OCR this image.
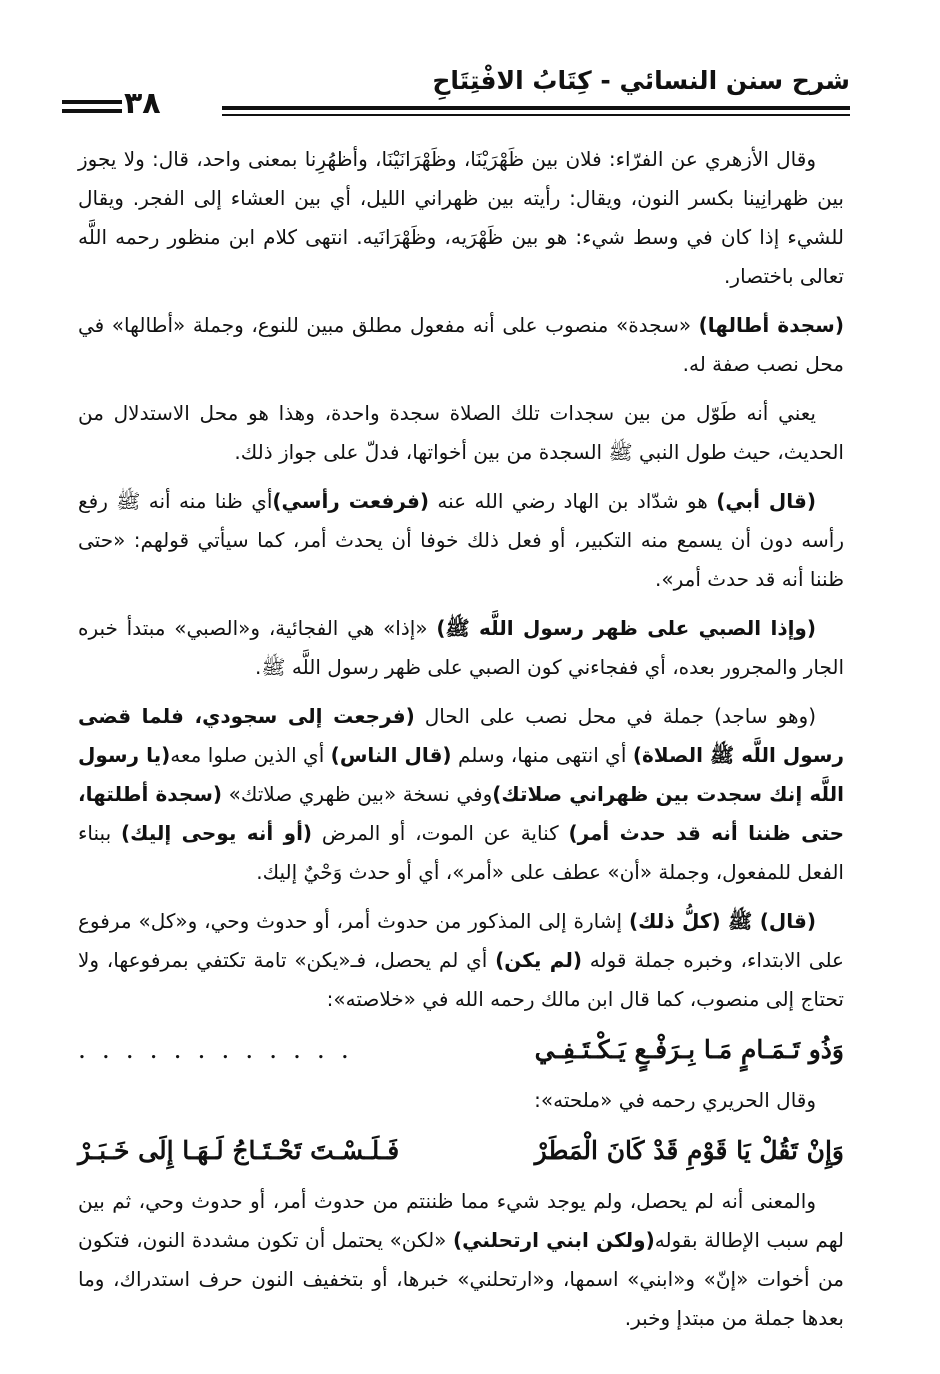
شرح سنن النسائي - كِتَابُ الافْتِتَاحِ
٣٨

وقال الأزهري عن الفرّاء: فلان بين ظَهْرَيْنَا، وظَهْرَانَيْنَا، وأظهُرِنا بمعنى واحد، قال: ولا يجوز بين ظهرانِينا بكسر النون، ويقال: رأيته بين ظهراني الليل، أي بين العشاء إلى الفجر. ويقال للشيء إذا كان في وسط شيء: هو بين ظَهْرَيه، وظَهْرَانَيه. انتهى كلام ابن منظور رحمه اللَّه تعالى باختصار.

(سجدة أطالها) «سجدة» منصوب على أنه مفعول مطلق مبين للنوع، وجملة «أطالها» في محل نصب صفة له.

يعني أنه طَوّل من بين سجدات تلك الصلاة سجدة واحدة، وهذا هو محل الاستدلال من الحديث، حيث طول النبي ﷺ السجدة من بين أخواتها، فدلّ على جواز ذلك.

(قال أبي) هو شدّاد بن الهاد رضي الله عنه (فرفعت رأسي)أي ظنا منه أنه ﷺ رفع رأسه دون أن يسمع منه التكبير، أو فعل ذلك خوفا أن يحدث أمر، كما سيأتي قولهم: «حتى ظننا أنه قد حدث أمر».

(وإذا الصبي على ظهر رسول اللَّه ﷺ) «إذا» هي الفجائية، و«الصبي» مبتدأ خبره الجار والمجرور بعده، أي ففجاءني كون الصبي على ظهر رسول اللَّه ﷺ.

(وهو ساجد) جملة في محل نصب على الحال (فرجعت إلى سجودي، فلما قضى رسول اللَّه ﷺ الصلاة) أي انتهى منها، وسلم (قال الناس) أي الذين صلوا معه(يا رسول اللَّه إنك سجدت بين ظهراني صلاتك)وفي نسخة «بين ظهري صلاتك» (سجدة أطلتها، حتى ظننا أنه قد حدث أمر) كناية عن الموت، أو المرض (أو أنه يوحى إليك) ببناء الفعل للمفعول، وجملة «أن» عطف على «أمر»، أي أو حدث وَحْيٌ إليك.

(قال) ﷺ (كلُّ ذلك) إشارة إلى المذكور من حدوث أمر، أو حدوث وحي، و«كل» مرفوع على الابتداء، وخبره جملة قوله (لم يكن) أي لم يحصل، فـ«يكن» تامة تكتفي بمرفوعها، ولا تحتاج إلى منصوب، كما قال ابن مالك رحمه الله في «خلاصته»:

وَذُو تَـمَـامٍ مَـا بِـرَفْـعٍ يَـكْـتَـفِـي
. . . . . . . . . . . .

وقال الحريري رحمه في «ملحته»:

وَإِنْ تَقُلْ يَا قَوْمِ قَدْ كَانَ الْمَطَرْ
فَـلَـسْـتَ تَحْـتَـاجُ لَـهَـا إِلَى خَـبَـرْ

والمعنى أنه لم يحصل، ولم يوجد شيء مما ظننتم من حدوث أمر، أو حدوث وحي، ثم بين لهم سبب الإطالة بقوله(ولكن ابني ارتحلني) «لكن» يحتمل أن تكون مشددة النون، فتكون من أخوات «إنّ» و«ابني» اسمها، و«ارتحلني» خبرها، أو بتخفيف النون حرف استدراك، وما بعدها جملة من مبتدإ وخبر.
